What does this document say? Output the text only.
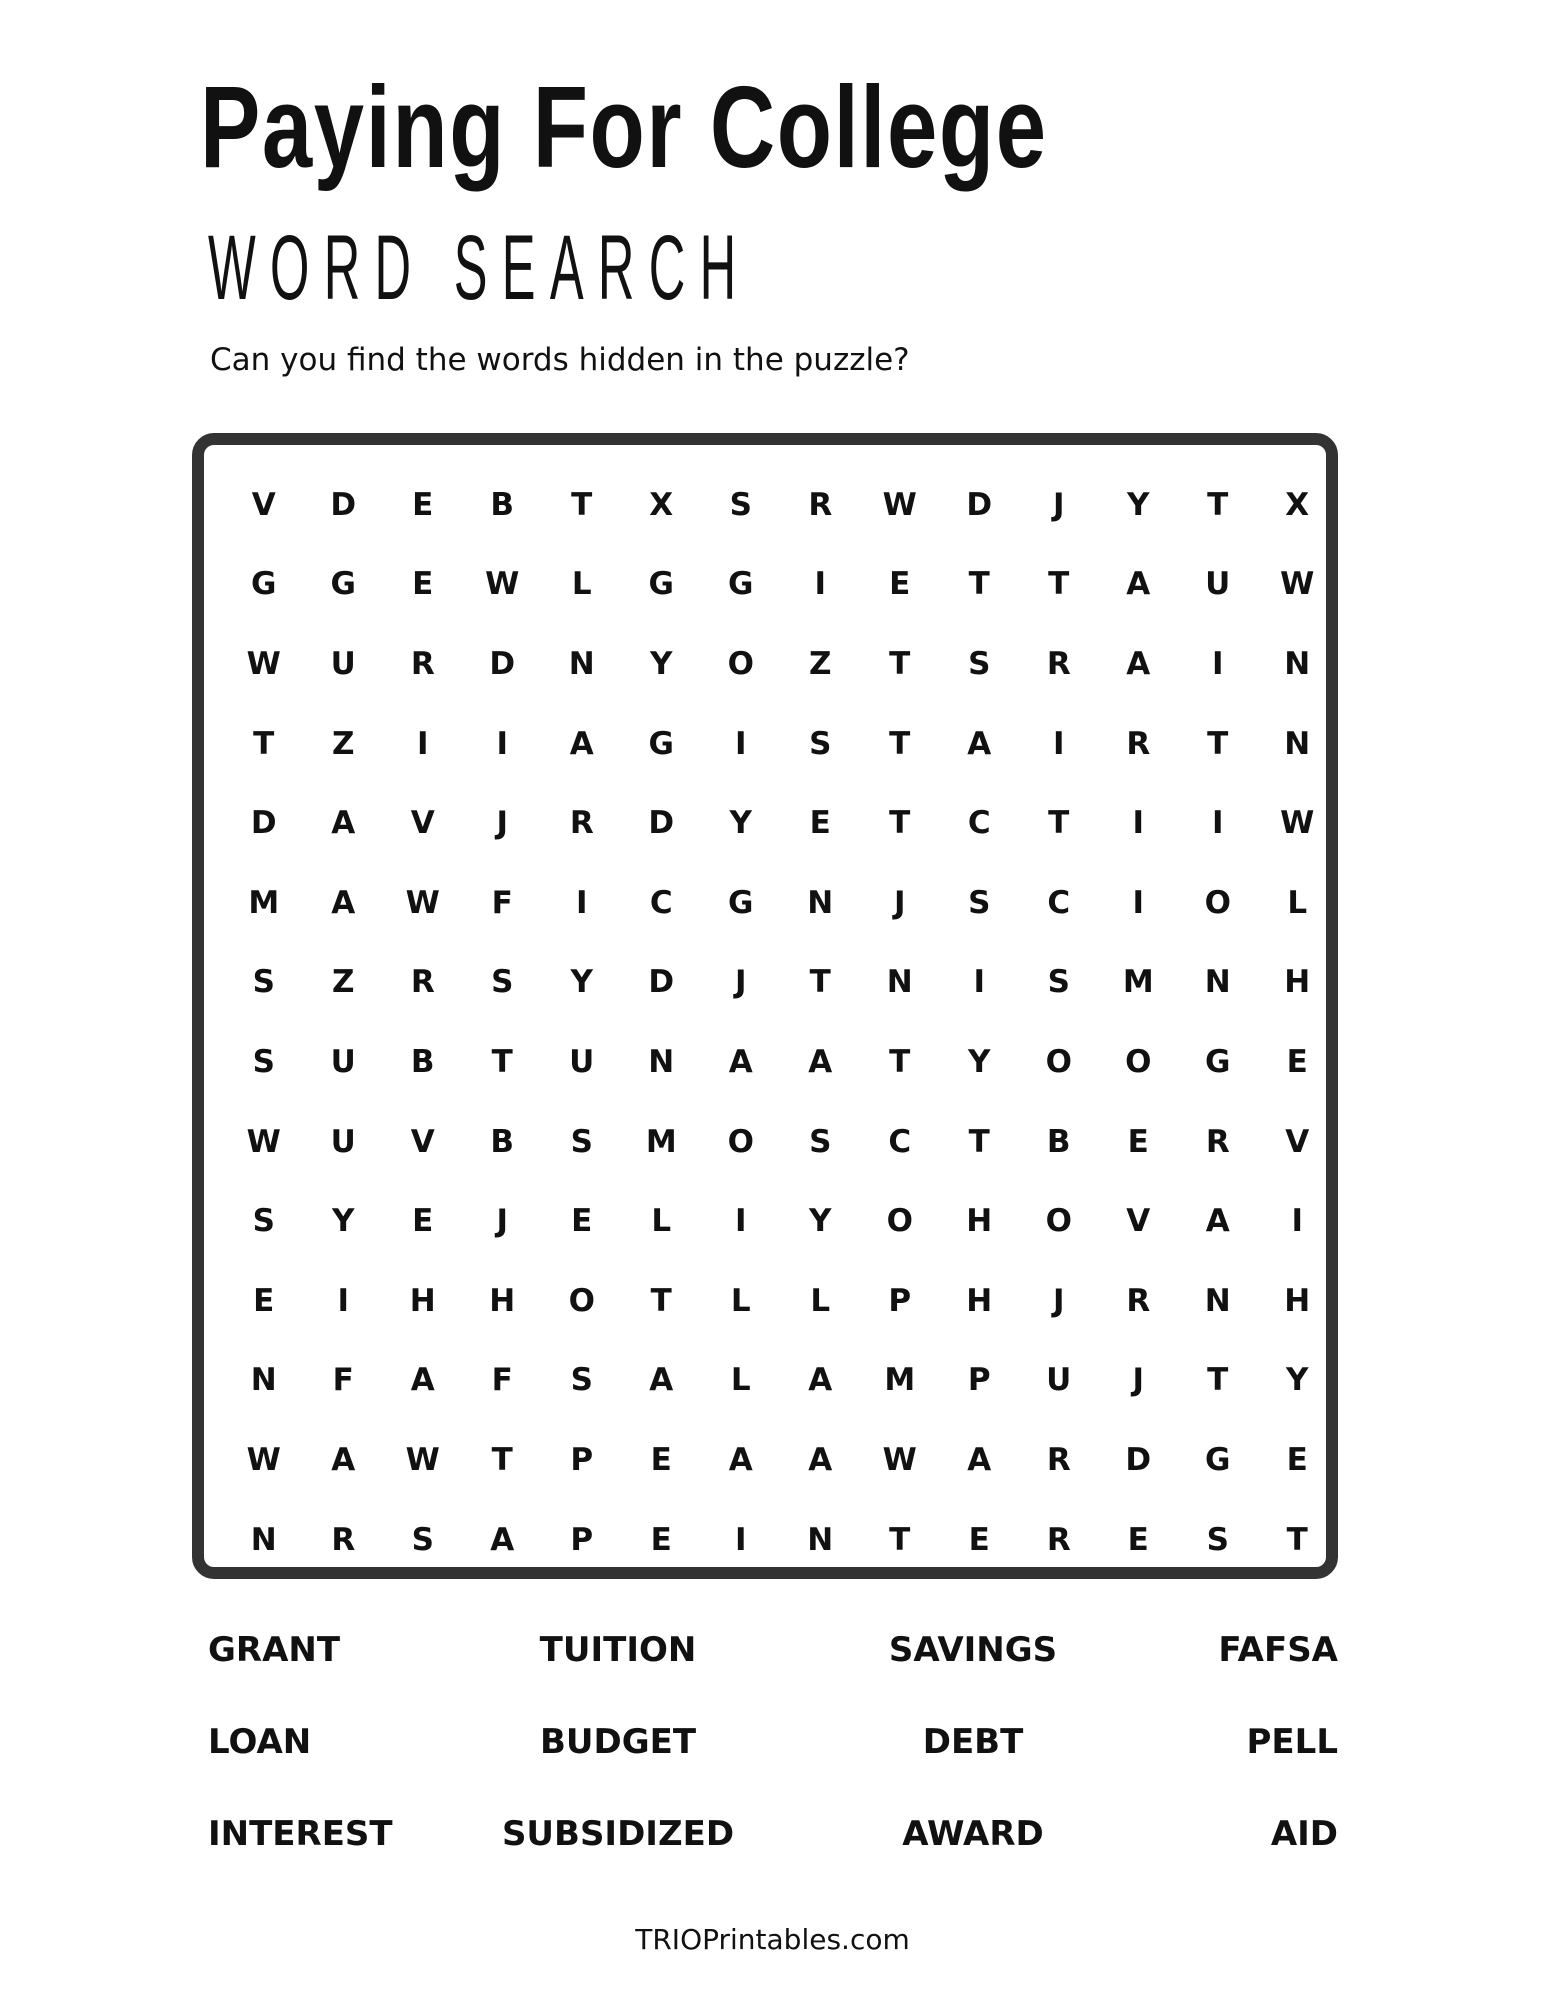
Paying For College
WORD SEARCH
Can you find the words hidden in the puzzle?
V	D	E	B	T	X	S	R	W	D	J	Y	T	X
G	G	E	W	L	G	G	I	E	T	T	A	U	W
W	U	R	D	N	Y	O	Z	T	S	R	A	I	N
T	Z	I	I	A	G	I	S	T	A	I	R	T	N
D	A	V	J	R	D	Y	E	T	C	T	I	I	W
M	A	W	F	I	C	G	N	J	S	C	I	O	L
S	Z	R	S	Y	D	J	T	N	I	S	M	N	H
S	U	B	T	U	N	A	A	T	Y	O	O	G	E
W	U	V	B	S	M	O	S	C	T	B	E	R	V
S	Y	E	J	E	L	I	Y	O	H	O	V	A	I
E	I	H	H	O	T	L	L	P	H	J	R	N	H
N	F	A	F	S	A	L	A	M	P	U	J	T	Y
W	A	W	T	P	E	A	A	W	A	R	D	G	E
N	R	S	A	P	E	I	N	T	E	R	E	S	T
GRANT	TUITION	SAVINGS	FAFSA
LOAN	BUDGET	DEBT	PELL
INTEREST	SUBSIDIZED	AWARD	AID
TRIOPrintables.com
